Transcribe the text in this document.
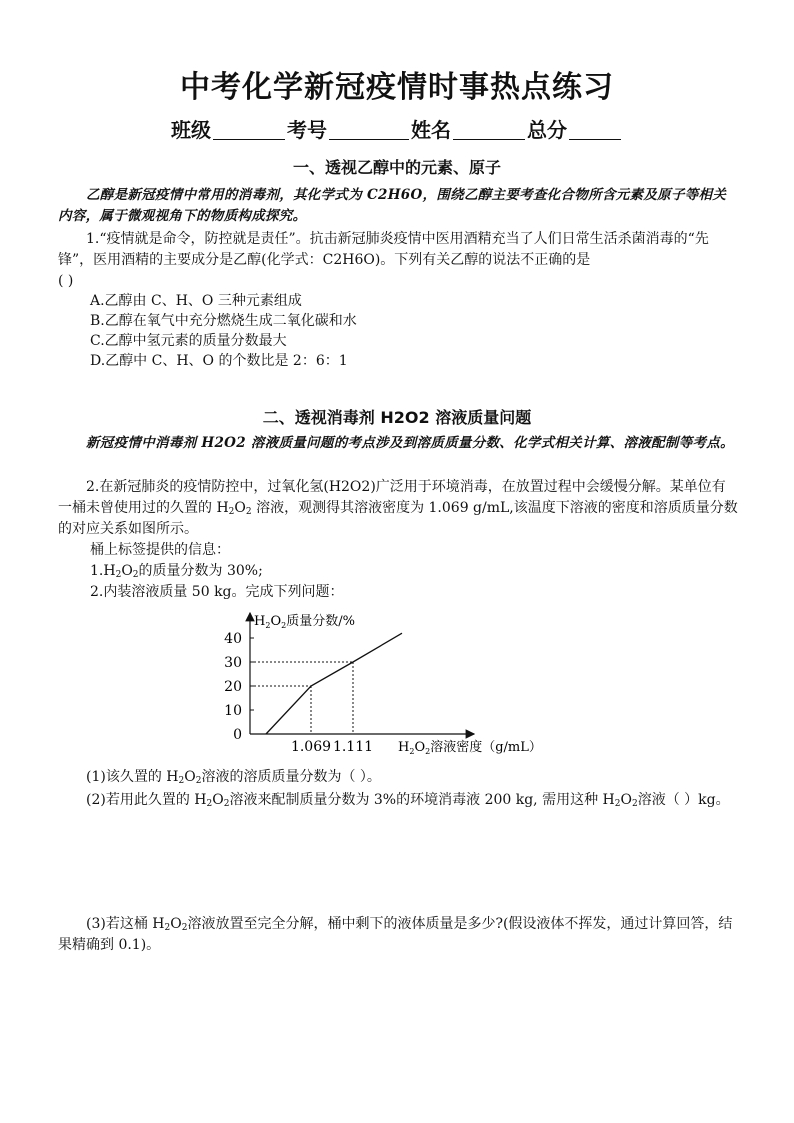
中考化学新冠疫情时事热点练习
班级	考号	姓名	总分
一、透视乙醇中的元素、原子

乙醇是新冠疫情中常用的消毒剂，其化学式为 C2H6O，围绕乙醇主要考查化合物所含元素及原子等相关内容，属于微观视角下的物质构成探究。

1.“疫情就是命令，防控就是责任”。抗击新冠肺炎疫情中医用酒精充当了人们日常生活杀菌消毒的“先锋”，医用酒精的主要成分是乙醇(化学式：C2H6O)。下列有关乙醇的说法不正确的是
( )

A.乙醇由 C、H、O 三种元素组成
B.乙醇在氧气中充分燃烧生成二氧化碳和水
C.乙醇中氢元素的质量分数最大
D.乙醇中 C、H、O 的个数比是 2：6：1
二、透视消毒剂 H2O2 溶液质量问题

新冠疫情中消毒剂 H2O2 溶液质量问题的考点涉及到溶质质量分数、化学式相关计算、溶液配制等考点。

2.在新冠肺炎的疫情防控中，过氧化氢(H2O2)广泛用于环境消毒，在放置过程中会缓慢分解。某单位有一桶未曾使用过的久置的 $H_2O_2$ 溶液，观测得其溶液密度为 1.069 g/mL,该温度下溶液的密度和溶质质量分数的对应关系如图所示。

桶上标签提供的信息：
$1.H_2O_2$的质量分数为 30%;
2.内装溶液质量 50 kg。完成下列问题：
$H_2O_2$质量分数/%
$H_2O_2$溶液密度（g/mL）
40
30
20
10
0
1.069 1.111

(1)该久置的 $H_2O_2$溶液的溶质质量分数为（ ）。

(2)若用此久置的 $H_2O_2$溶液来配制质量分数为 3%的环境消毒液 200 kg, 需用这种 $H_2O_2$溶液（ ）kg。

(3)若这桶 $H_2O_2$溶液放置至完全分解，桶中剩下的液体质量是多少?(假设液体不挥发，通过计算回答，结果精确到 0.1)。
